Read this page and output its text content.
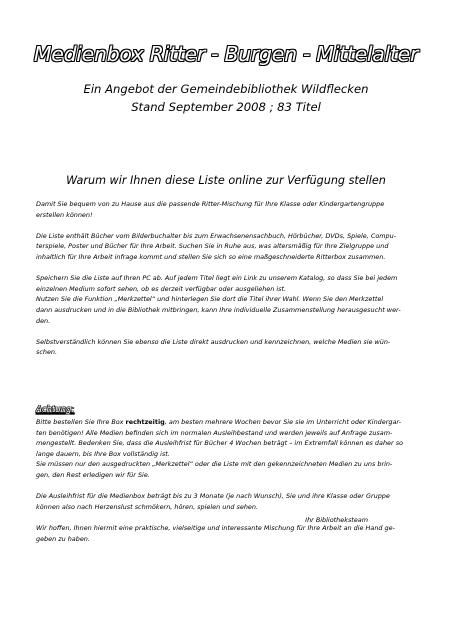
Medienbox Ritter - Burgen - Mittelalter
Ein Angebot der Gemeindebibliothek Wildflecken
Stand September 2008 ; 83 Titel
Warum wir Ihnen diese Liste online zur Verfügung stellen

Damit Sie bequem von zu Hause aus die passende Ritter-Mischung für Ihre Klasse oder Kindergartengruppe
erstellen können!

Die Liste enthält Bücher vom Bilderbuchalter bis zum Erwachsenensachbuch, Hörbücher, DVDs, Spiele, Compu-
terspiele, Poster und Bücher für Ihre Arbeit. Suchen Sie in Ruhe aus, was altersmäßig für Ihre Zielgruppe und
inhaltlich für Ihre Arbeit infrage kommt und stellen Sie sich so eine maßgeschneiderte Ritterbox zusammen.

Speichern Sie die Liste auf Ihren PC ab. Auf jedem Titel liegt ein Link zu unserem Katalog, so dass Sie bei jedem
einzelnen Medium sofort sehen, ob es derzeit verfügbar oder ausgeliehen ist.
Nutzen Sie die Funktion „Merkzettel“ und hinterlegen Sie dort die Titel ihrer Wahl. Wenn Sie den Merkzettel
dann ausdrucken und in die Bibliothek mitbringen, kann Ihre individuelle Zusammenstellung herausgesucht wer-
den.

Selbstverständlich können Sie ebenso die Liste direkt ausdrucken und kennzeichnen, welche Medien sie wün-
schen.

Achtung:

Bitte bestellen Sie Ihre Box rechtzeitig, am besten mehrere Wochen bevor Sie sie im Unterricht oder Kindergar-
ten benötigen! Alle Medien befinden sich im normalen Ausleihbestand und werden jeweils auf Anfrage zusam-
mengestellt. Bedenken Sie, dass die Ausleihfrist für Bücher 4 Wochen beträgt – im Extremfall können es daher so
lange dauern, bis Ihre Box vollständig ist.
Sie müssen nur den ausgedruckten „Merkzettel“ oder die Liste mit den gekennzeichneten Medien zu uns brin-
gen, den Rest erledigen wir für Sie.

Die Ausleihfrist für die Medienbox beträgt bis zu 3 Monate (je nach Wunsch), Sie und ihre Klasse oder Gruppe
können also nach Herzenslust schmökern, hören, spielen und sehen.

Wir hoffen, Ihnen hiermit eine praktische, vielseitige und interessante Mischung für Ihre Arbeit an die Hand ge-
geben zu haben.

Ihr Bibliotheksteam
